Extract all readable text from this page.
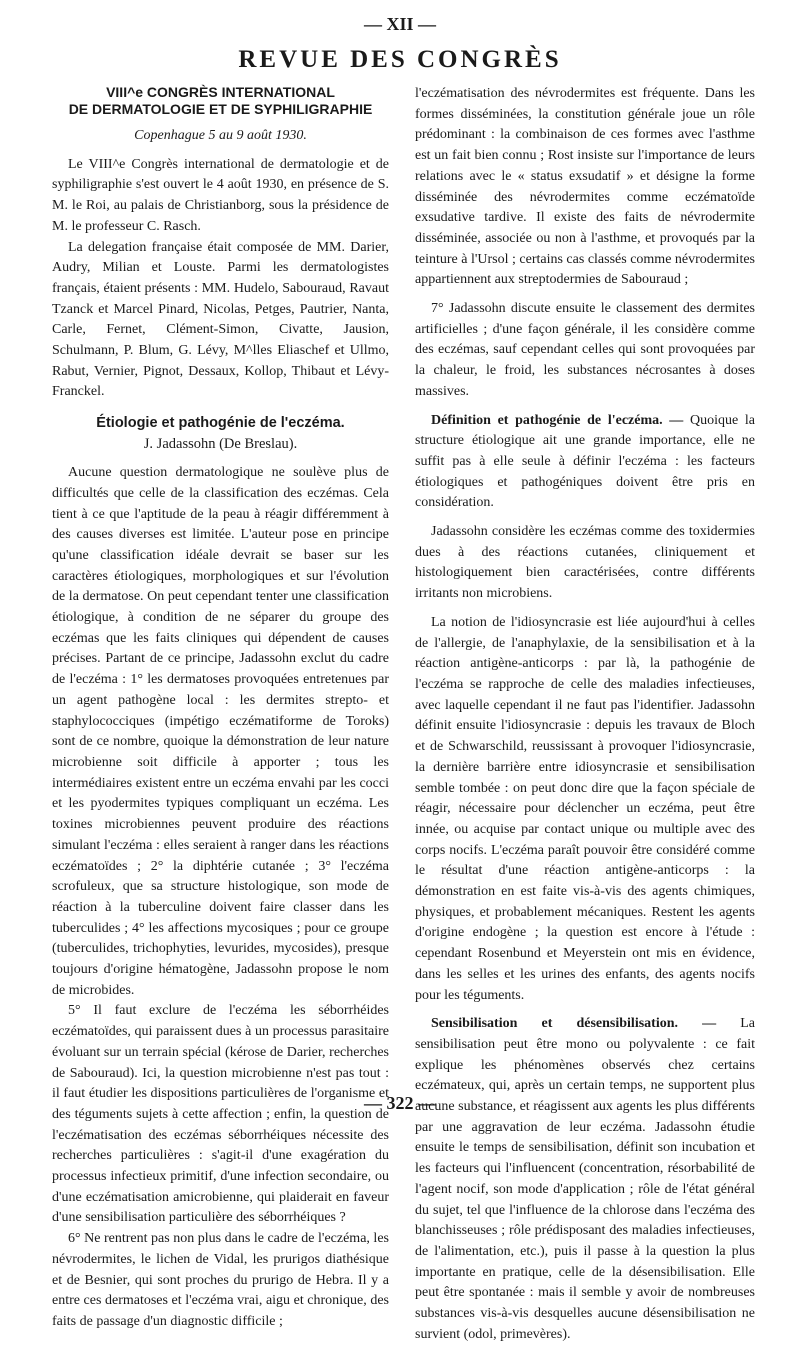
— XII —
REVUE DES CONGRÈS
VIII^e CONGRÈS INTERNATIONAL
DE DERMATOLOGIE ET DE SYPHILIGRAPHIE

Copenhague 5 au 9 août 1930.

Le VIII^e Congrès international de dermatologie et de syphiligraphie s'est ouvert le 4 août 1930, en présence de S. M. le Roi, au palais de Christianborg, sous la présidence de M. le professeur C. Rasch.

La delegation française était composée de MM. Darier, Audry, Milian et Louste. Parmi les dermatologistes français, étaient présents : MM. Hudelo, Sabouraud, Ravaut Tzanck et Marcel Pinard, Nicolas, Petges, Pautrier, Nanta, Carle, Fernet, Clément-Simon, Civatte, Jausion, Schulmann, P. Blum, G. Lévy, M^lles Eliaschef et Ullmo, Rabut, Vernier, Pignot, Dessaux, Kollop, Thibaut et Lévy-Franckel.

Étiologie et pathogénie de l'eczéma.
J. Jadassohn (De Breslau).

Aucune question dermatologique ne soulève plus de difficultés que celle de la classification des eczémas. Cela tient à ce que l'aptitude de la peau à réagir différemment à des causes diverses est limitée. L'auteur pose en principe qu'une classification idéale devrait se baser sur les caractères étiologiques, morphologiques et sur l'évolution de la dermatose. On peut cependant tenter une classification étiologique, à condition de ne séparer du groupe des eczémas que les faits cliniques qui dépendent de causes précises. Partant de ce principe, Jadassohn exclut du cadre de l'eczéma : 1° les dermatoses provoquées entretenues par un agent pathogène local : les dermites strepto- et staphylococciques (impétigo eczématiforme de Toroks) sont de ce nombre, quoique la démonstration de leur nature microbienne soit difficile à apporter ; tous les intermédiaires existent entre un eczéma envahi par les cocci et les pyodermites typiques compliquant un eczéma. Les toxines microbiennes peuvent produire des réactions simulant l'eczéma : elles seraient à ranger dans les réactions eczématoïdes ; 2° la diphtérie cutanée ; 3° l'eczéma scrofuleux, que sa structure histologique, son mode de réaction à la tuberculine doivent faire classer dans les tuberculides ; 4° les affections mycosiques ; pour ce groupe (tuberculides, trichophyties, levurides, mycosides), presque toujours d'origine hématogène, Jadassohn propose le nom de microbides.

5° Il faut exclure de l'eczéma les séborrhéides eczématoïdes, qui paraissent dues à un processus parasitaire évoluant sur un terrain spécial (kérose de Darier, recherches de Sabouraud). Ici, la question microbienne n'est pas tout : il faut étudier les dispositions particulières de l'organisme et des téguments sujets à cette affection ; enfin, la question de l'eczématisation des eczémas séborrhéiques nécessite des recherches particulières : s'agit-il d'une exagération du processus infectieux primitif, d'une infection secondaire, ou d'une eczématisation amicrobienne, qui plaiderait en faveur d'une sensibilisation particulière des séborrhéiques ?

6° Ne rentrent pas non plus dans le cadre de l'eczéma, les névrodermites, le lichen de Vidal, les prurigos diathésique et de Besnier, qui sont proches du prurigo de Hebra. Il y a entre ces dermatoses et l'eczéma vrai, aigu et chronique, des faits de passage d'un diagnostic difficile ;

l'eczématisation des névrodermites est fréquente. Dans les formes disséminées, la constitution générale joue un rôle prédominant : la combinaison de ces formes avec l'asthme est un fait bien connu ; Rost insiste sur l'importance de leurs relations avec le « status exsudatif » et désigne la forme disséminée des névrodermites comme eczématoïde exsudative tardive. Il existe des faits de névrodermite disséminée, associée ou non à l'asthme, et provoqués par la teinture à l'Ursol ; certains cas classés comme névrodermites appartiennent aux streptodermies de Sabouraud ;

7° Jadassohn discute ensuite le classement des dermites artificielles ; d'une façon générale, il les considère comme des eczémas, sauf cependant celles qui sont provoquées par la chaleur, le froid, les substances nécrosantes à doses massives.

Définition et pathogénie de l'eczéma. — Quoique la structure étiologique ait une grande importance, elle ne suffit pas à elle seule à définir l'eczéma : les facteurs étiologiques et pathogéniques doivent être pris en considération.

Jadassohn considère les eczémas comme des toxidermies dues à des réactions cutanées, cliniquement et histologiquement bien caractérisées, contre différents irritants non microbiens.

La notion de l'idiosyncrasie est liée aujourd'hui à celles de l'allergie, de l'anaphylaxie, de la sensibilisation et à la réaction antigène-anticorps : par là, la pathogénie de l'eczéma se rapproche de celle des maladies infectieuses, avec laquelle cependant il ne faut pas l'identifier. Jadassohn définit ensuite l'idiosyncrasie : depuis les travaux de Bloch et de Schwarschild, reussissant à provoquer l'idiosyncrasie, la dernière barrière entre idiosyncrasie et sensibilisation semble tombée : on peut donc dire que la façon spéciale de réagir, nécessaire pour déclencher un eczéma, peut être innée, ou acquise par contact unique ou multiple avec des corps nocifs. L'eczéma paraît pouvoir être considéré comme le résultat d'une réaction antigène-anticorps : la démonstration en est faite vis-à-vis des agents chimiques, physiques, et probablement mécaniques. Restent les agents d'origine endogène ; la question est encore à l'étude : cependant Rosenbund et Meyerstein ont mis en évidence, dans les selles et les urines des enfants, des agents nocifs pour les téguments.

Sensibilisation et désensibilisation. — La sensibilisation peut être mono ou polyvalente : ce fait explique les phénomènes observés chez certains eczémateux, qui, après un certain temps, ne supportent plus aucune substance, et réagissent aux agents les plus différents par une aggravation de leur eczéma. Jadassohn étudie ensuite le temps de sensibilisation, définit son incubation et les facteurs qui l'influencent (concentration, résorbabilité de l'agent nocif, son mode d'application ; rôle de l'état général du sujet, tel que l'influence de la chlorose dans l'eczéma des blanchisseuses ; rôle prédisposant des maladies infectieuses, de l'alimentation, etc.), puis il passe à la question la plus importante en pratique, celle de la désensibilisation. Elle peut être spontanée : mais il semble y avoir de nombreuses substances vis-à-vis desquelles aucune désensibilisation ne survient (odol, primevères).

— 322 —
